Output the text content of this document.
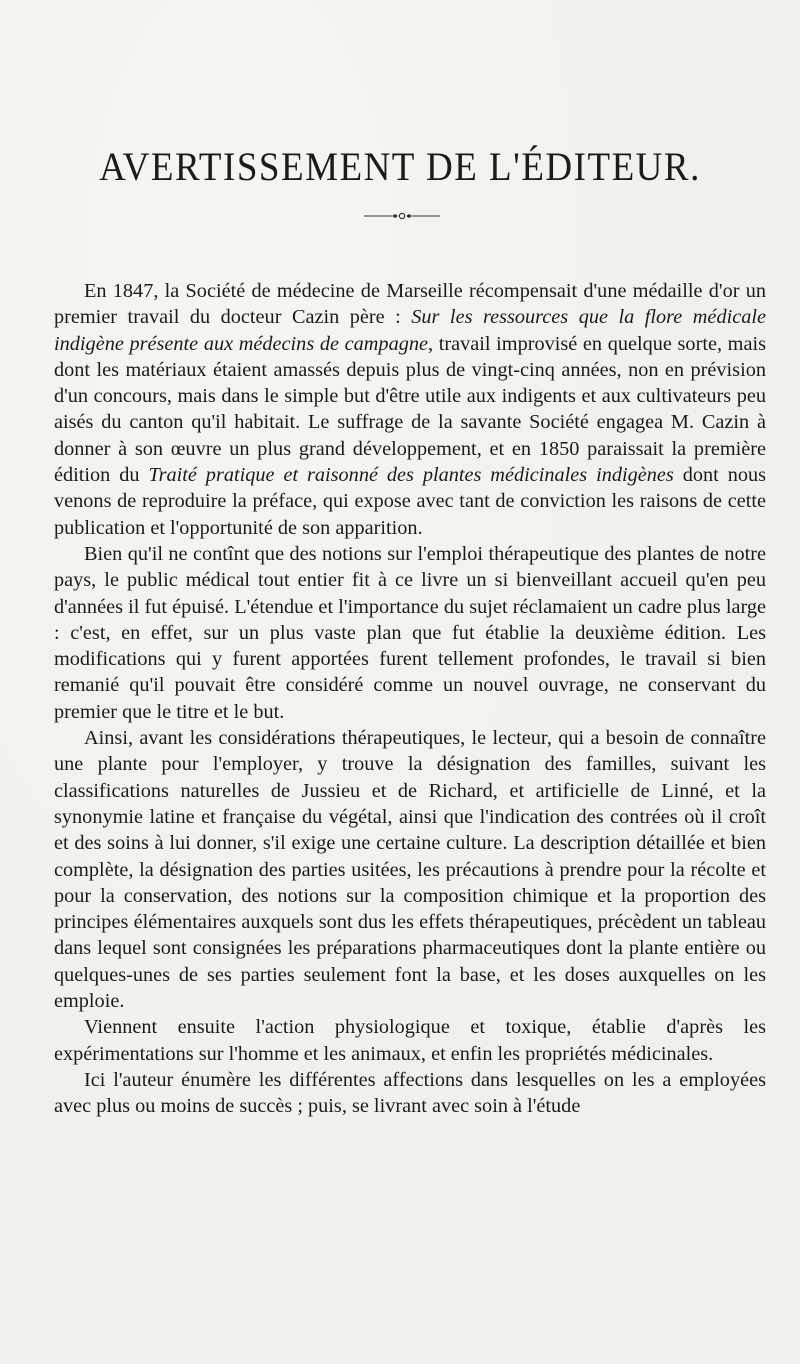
AVERTISSEMENT DE L'ÉDITEUR.

En 1847, la Société de médecine de Marseille récompensait d'une médaille d'or un premier travail du docteur Cazin père : Sur les ressources que la flore médicale indigène présente aux médecins de campagne, travail improvisé en quelque sorte, mais dont les matériaux étaient amassés depuis plus de vingt-cinq années, non en prévision d'un concours, mais dans le simple but d'être utile aux indigents et aux cultivateurs peu aisés du canton qu'il habitait. Le suffrage de la savante Société engagea M. Cazin à donner à son œuvre un plus grand développement, et en 1850 paraissait la première édition du Traité pratique et raisonné des plantes médicinales indigènes dont nous venons de reproduire la préface, qui expose avec tant de conviction les raisons de cette publication et l'opportunité de son apparition.

Bien qu'il ne contînt que des notions sur l'emploi thérapeutique des plantes de notre pays, le public médical tout entier fit à ce livre un si bienveillant accueil qu'en peu d'années il fut épuisé. L'étendue et l'importance du sujet réclamaient un cadre plus large : c'est, en effet, sur un plus vaste plan que fut établie la deuxième édition. Les modifications qui y furent apportées furent tellement profondes, le travail si bien remanié qu'il pouvait être considéré comme un nouvel ouvrage, ne conservant du premier que le titre et le but.

Ainsi, avant les considérations thérapeutiques, le lecteur, qui a besoin de connaître une plante pour l'employer, y trouve la désignation des familles, suivant les classifications naturelles de Jussieu et de Richard, et artificielle de Linné, et la synonymie latine et française du végétal, ainsi que l'indication des contrées où il croît et des soins à lui donner, s'il exige une certaine culture. La description détaillée et bien complète, la désignation des parties usitées, les précautions à prendre pour la récolte et pour la conservation, des notions sur la composition chimique et la proportion des principes élémentaires auxquels sont dus les effets thérapeutiques, précèdent un tableau dans lequel sont consignées les préparations pharmaceutiques dont la plante entière ou quelques-unes de ses parties seulement font la base, et les doses auxquelles on les emploie.

Viennent ensuite l'action physiologique et toxique, établie d'après les expérimentations sur l'homme et les animaux, et enfin les propriétés médicinales.

Ici l'auteur énumère les différentes affections dans lesquelles on les a employées avec plus ou moins de succès ; puis, se livrant avec soin à l'étude
